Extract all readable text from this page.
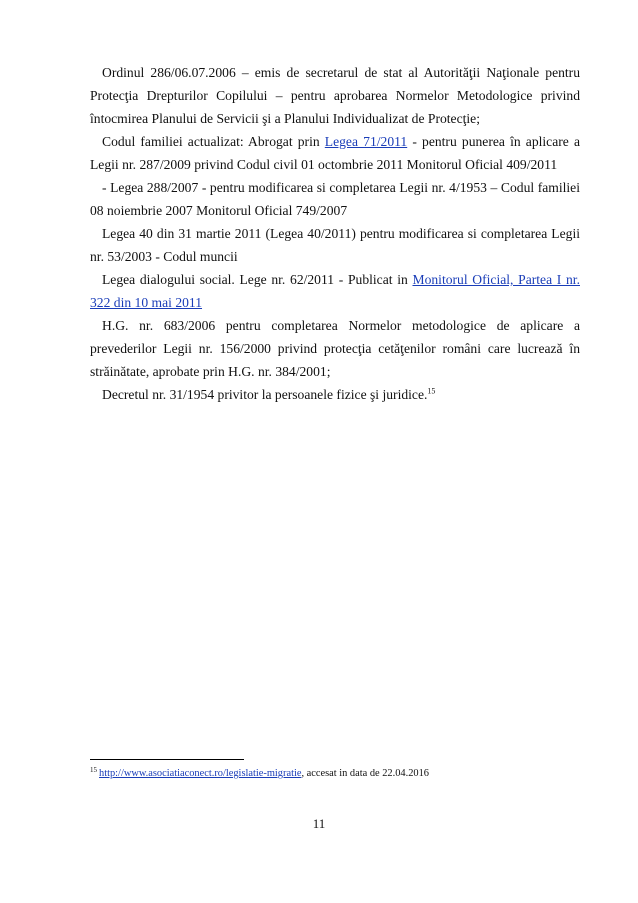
Ordinul 286/06.07.2006 – emis de secretarul de stat al Autorităţii Naţionale pentru Protecţia Drepturilor Copilului – pentru aprobarea Normelor Metodologice privind întocmirea Planului de Servicii şi a Planului Individualizat de Protecţie;

Codul familiei actualizat: Abrogat prin Legea 71/2011 - pentru punerea în aplicare a Legii nr. 287/2009 privind Codul civil 01 octombrie 2011 Monitorul Oficial 409/2011

- Legea 288/2007 - pentru modificarea si completarea Legii nr. 4/1953 – Codul familiei 08 noiembrie 2007 Monitorul Oficial 749/2007

Legea 40 din 31 martie 2011 (Legea 40/2011) pentru modificarea si completarea Legii nr. 53/2003 - Codul muncii

Legea dialogului social. Lege nr. 62/2011 - Publicat in Monitorul Oficial, Partea I nr. 322 din 10 mai 2011

H.G. nr. 683/2006 pentru completarea Normelor metodologice de aplicare a prevederilor Legii nr. 156/2000 privind protecţia cetăţenilor români care lucrează în străinătate, aprobate prin H.G. nr. 384/2001;

Decretul nr. 31/1954 privitor la persoanele fizice şi juridice.$^{15}$

$^{15}$ http://www.asociatiaconect.ro/legislatie-migratie, accesat in data de 22.04.2016
11
